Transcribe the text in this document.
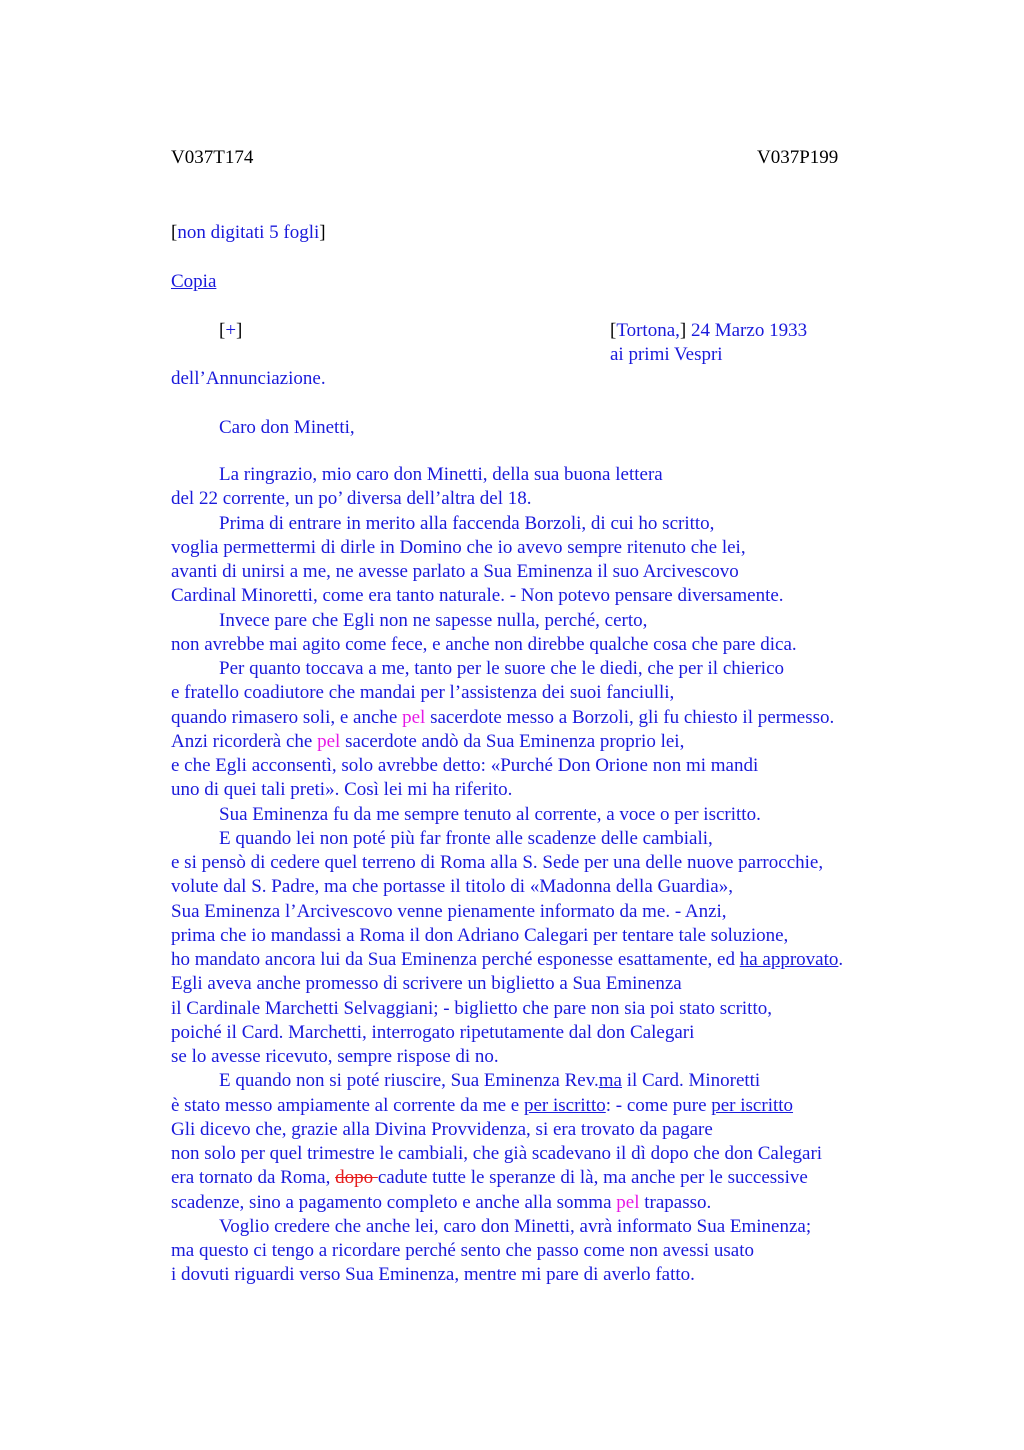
V037T174	V037P199
[non digitati 5 fogli]
Copia
[+]	[Tortona,] 24 Marzo 1933
ai primi Vespri
dell’Annunciazione.
Caro don Minetti,
La ringrazio, mio caro don Minetti, della sua buona lettera
del 22 corrente, un po’ diversa dell’altra del 18.
Prima di entrare in merito alla faccenda Borzoli, di cui ho scritto,
voglia permettermi di dirle in Domino che io avevo sempre ritenuto che lei,
avanti di unirsi a me, ne avesse parlato a Sua Eminenza il suo Arcivescovo
Cardinal Minoretti, come era tanto naturale. - Non potevo pensare diversamente.
Invece pare che Egli non ne sapesse nulla, perché, certo,
non avrebbe mai agito come fece, e anche non direbbe qualche cosa che pare dica.
Per quanto toccava a me, tanto per le suore che le diedi, che per il chierico
e fratello coadiutore che mandai per l’assistenza dei suoi fanciulli,
quando rimasero soli, e anche pel sacerdote messo a Borzoli, gli fu chiesto il permesso.
Anzi ricorderà che pel sacerdote andò da Sua Eminenza proprio lei,
e che Egli acconsentì, solo avrebbe detto: «Purché Don Orione non mi mandi
uno di quei tali preti». Così lei mi ha riferito.
Sua Eminenza fu da me sempre tenuto al corrente, a voce o per iscritto.
E quando lei non poté più far fronte alle scadenze delle cambiali,
e si pensò di cedere quel terreno di Roma alla S. Sede per una delle nuove parrocchie,
volute dal S. Padre, ma che portasse il titolo di «Madonna della Guardia»,
Sua Eminenza l’Arcivescovo venne pienamente informato da me. - Anzi,
prima che io mandassi a Roma il don Adriano Calegari per tentare tale soluzione,
ho mandato ancora lui da Sua Eminenza perché esponesse esattamente, ed ha approvato.
Egli aveva anche promesso di scrivere un biglietto a Sua Eminenza
il Cardinale Marchetti Selvaggiani; - biglietto che pare non sia poi stato scritto,
poiché il Card. Marchetti, interrogato ripetutamente dal don Calegari
se lo avesse ricevuto, sempre rispose di no.
E quando non si poté riuscire, Sua Eminenza Rev.ma il Card. Minoretti
è stato messo ampiamente al corrente da me e per iscritto: - come pure per iscritto
Gli dicevo che, grazie alla Divina Provvidenza, si era trovato da pagare
non solo per quel trimestre le cambiali, che già scadevano il dì dopo che don Calegari
era tornato da Roma, dopo cadute tutte le speranze di là, ma anche per le successive
scadenze, sino a pagamento completo e anche alla somma pel trapasso.
Voglio credere che anche lei, caro don Minetti, avrà informato Sua Eminenza;
ma questo ci tengo a ricordare perché sento che passo come non avessi usato
i dovuti riguardi verso Sua Eminenza, mentre mi pare di averlo fatto.
